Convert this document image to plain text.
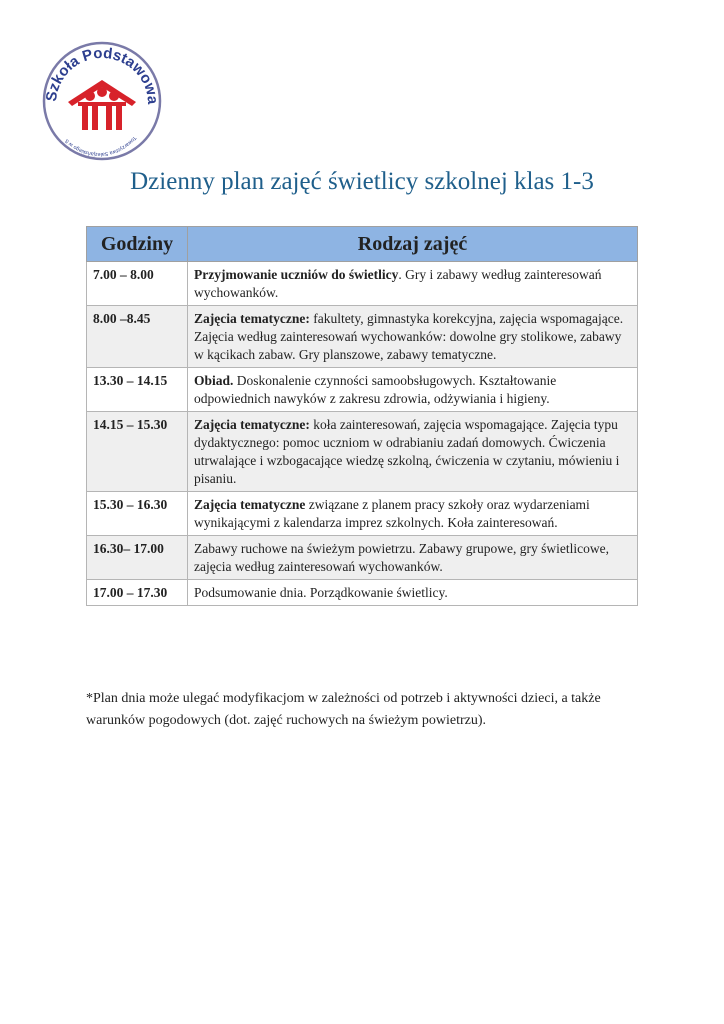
Szkoła Podstawowa
Towarzystwa Salezjańskiego w S
Dzienny plan zajęć świetlicy szkolnej klas 1-3
Godziny	Rodzaj zajęć
7.00 – 8.00	Przyjmowanie uczniów do świetlicy. Gry i zabawy według zainteresowań wychowanków.
8.00 –8.45	Zajęcia tematyczne: fakultety, gimnastyka korekcyjna, zajęcia wspomagające. Zajęcia według zainteresowań wychowanków: dowolne gry stolikowe, zabawy w kącikach zabaw. Gry planszowe, zabawy tematyczne.
13.30 – 14.15	Obiad. Doskonalenie czynności samoobsługowych. Kształtowanie odpowiednich nawyków z zakresu zdrowia, odżywiania i higieny.
14.15 – 15.30	Zajęcia tematyczne: koła zainteresowań, zajęcia wspomagające. Zajęcia typu dydaktycznego: pomoc uczniom w odrabianiu zadań domowych. Ćwiczenia utrwalające i wzbogacające wiedzę szkolną, ćwiczenia w czytaniu, mówieniu i pisaniu.
15.30 – 16.30	Zajęcia tematyczne związane z planem pracy szkoły oraz wydarzeniami wynikającymi z kalendarza imprez szkolnych. Koła zainteresowań.
16.30– 17.00	Zabawy ruchowe na świeżym powietrzu. Zabawy grupowe, gry świetlicowe, zajęcia według zainteresowań wychowanków.
17.00 – 17.30	Podsumowanie dnia. Porządkowanie świetlicy.

*Plan dnia może ulegać modyfikacjom w zależności od potrzeb i aktywności dzieci, a także warunków pogodowych (dot. zajęć ruchowych na świeżym powietrzu).
